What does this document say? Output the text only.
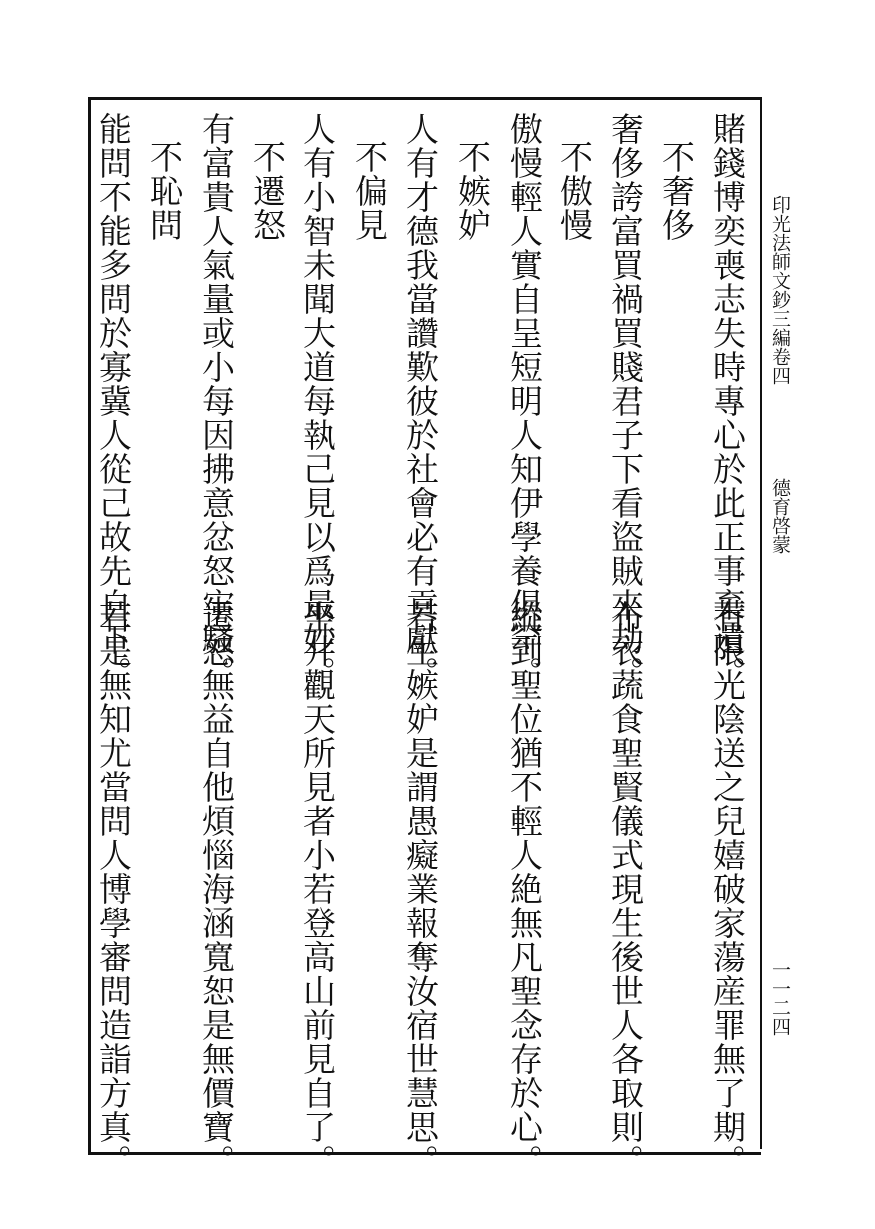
印光法師文鈔三編卷四
德育啓蒙
一一二四
賭錢博奕喪志失時專心於此正事棄遺。
有限光陰送之兒嬉破家蕩産罪無了期。
不奢侈
奢侈誇富買禍買賤君子下看盜賊來劫。
布衣蔬食聖賢儀式現生後世人各取則。
不傲慢
傲慢輕人實自呈短明人知伊學養俱罕。
縱到聖位猶不輕人絶無凡聖念存於心。
不嫉妒
人有才德我當讚歎彼於社會必有貢獻。
若生嫉妒是謂愚癡業報奪汝宿世慧思。
不偏見
人有小智未聞大道每執己見以爲最妙。
坐井觀天所見者小若登高山前見自了。
不遷怒
有富貴人氣量或小每因拂意忿怒牢騷。
遷怒無益自他煩惱海涵寬恕是無價寶。
不恥問
能問不能多問於寡冀人從己故先自下。
若是無知尤當問人博學審問造詣方真。
